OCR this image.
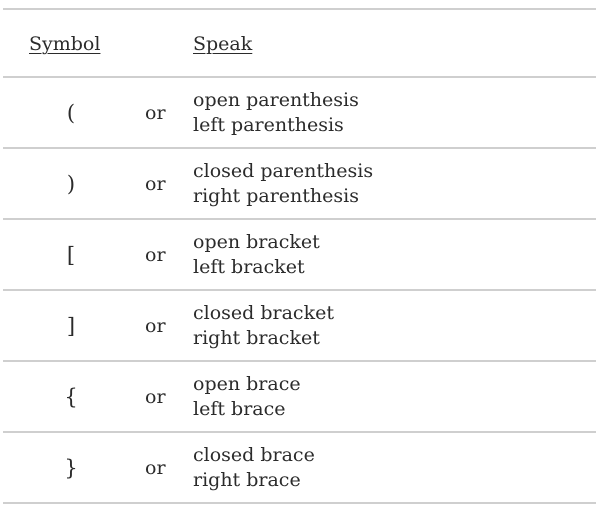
Symbol	Speak
(	or
open parenthesis
left parenthesis
)	or
closed parenthesis
right parenthesis
[	or
open bracket
left bracket
]	or
closed bracket
right bracket
{	or
open brace
left brace
}	or
closed brace
right brace
